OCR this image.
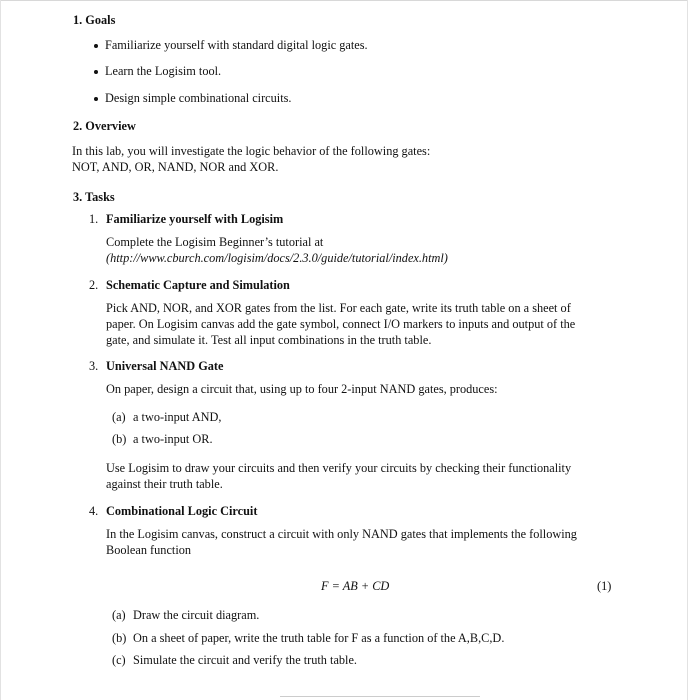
1. Goals
Familiarize yourself with standard digital logic gates.
Learn the Logisim tool.
Design simple combinational circuits.
2. Overview
In this lab, you will investigate the logic behavior of the following gates:
NOT, AND, OR, NAND, NOR and XOR.
3. Tasks
1. Familiarize yourself with Logisim
Complete the Logisim Beginner’s tutorial at
(http://www.cburch.com/logisim/docs/2.3.0/guide/tutorial/index.html)
2. Schematic Capture and Simulation
Pick AND, NOR, and XOR gates from the list. For each gate, write its truth table on a sheet of
paper. On Logisim canvas add the gate symbol, connect I/O markers to inputs and output of the
gate, and simulate it. Test all input combinations in the truth table.
3. Universal NAND Gate
On paper, design a circuit that, using up to four 2-input NAND gates, produces:
(a) a two-input AND,
(b) a two-input OR.
Use Logisim to draw your circuits and then verify your circuits by checking their functionality
against their truth table.
4. Combinational Logic Circuit
In the Logisim canvas, construct a circuit with only NAND gates that implements the following
Boolean function
F = AB + CD	(1)
(a) Draw the circuit diagram.
(b) On a sheet of paper, write the truth table for F as a function of the A,B,C,D.
(c) Simulate the circuit and verify the truth table.
